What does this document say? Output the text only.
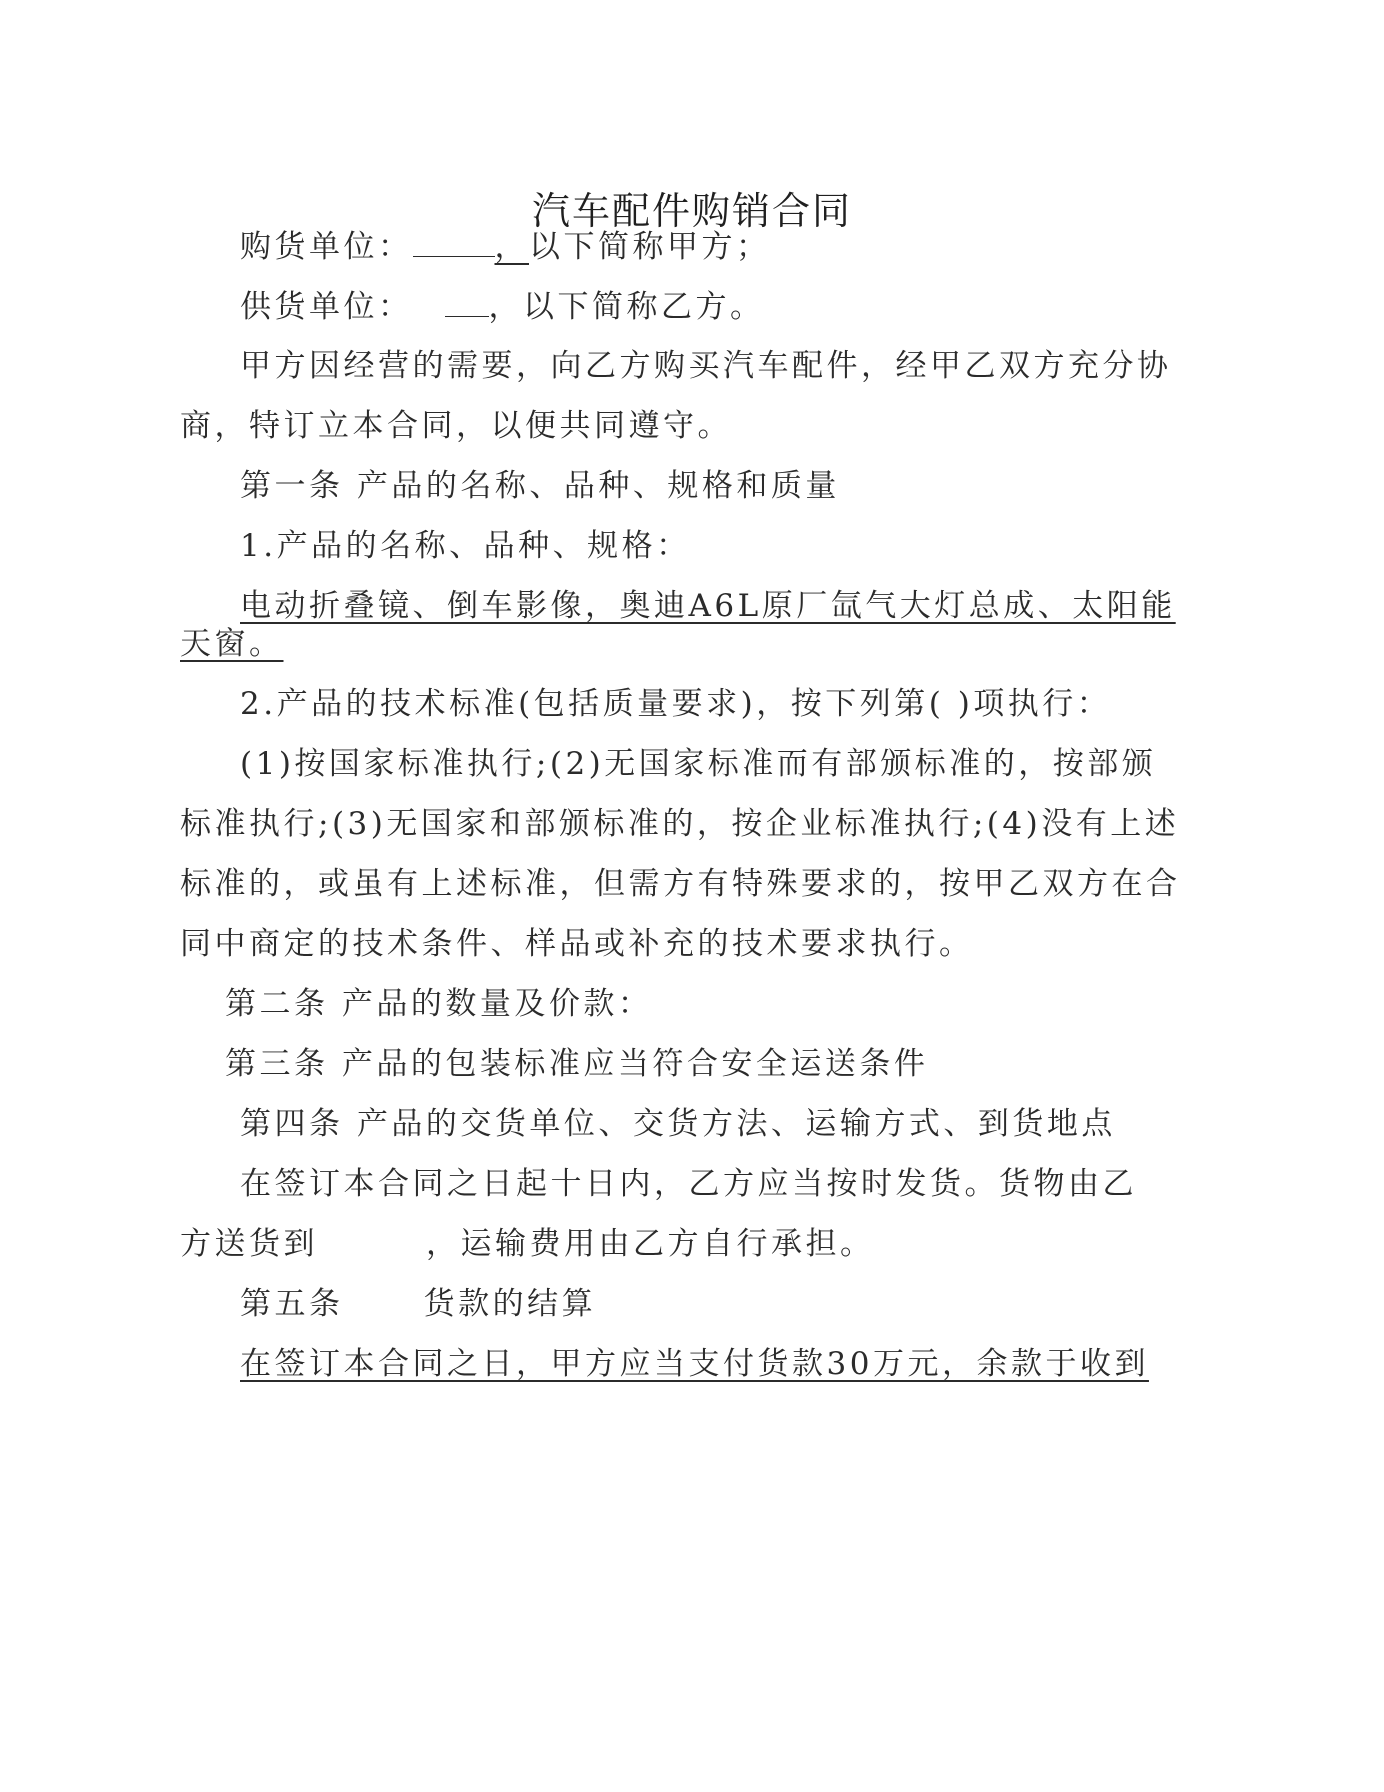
汽车配件购销合同
购货单位：	，以下简称甲方；
供货单位： ，以下简称乙方。
甲方因经营的需要，向乙方购买汽车配件，经甲乙双方充分协
商，特订立本合同，以便共同遵守。
第一条 产品的名称、品种、规格和质量
1.产品的名称、品种、规格：
电动折叠镜、倒车影像，奥迪A6L原厂氙气大灯总成、太阳能
天窗。
2.产品的技术标准(包括质量要求)，按下列第( )项执行：
(1)按国家标准执行;(2)无国家标准而有部颁标准的，按部颁
标准执行;(3)无国家和部颁标准的，按企业标准执行;(4)没有上述
标准的，或虽有上述标准，但需方有特殊要求的，按甲乙双方在合
同中商定的技术条件、样品或补充的技术要求执行。
第二条 产品的数量及价款：
第三条 产品的包装标准应当符合安全运送条件
第四条 产品的交货单位、交货方法、运输方式、到货地点
在签订本合同之日起十日内，乙方应当按时发货。货物由乙
方送货到	，运输费用由乙方自行承担。
第五条      货款的结算
在签订本合同之日，甲方应当支付货款30万元，余款于收到
